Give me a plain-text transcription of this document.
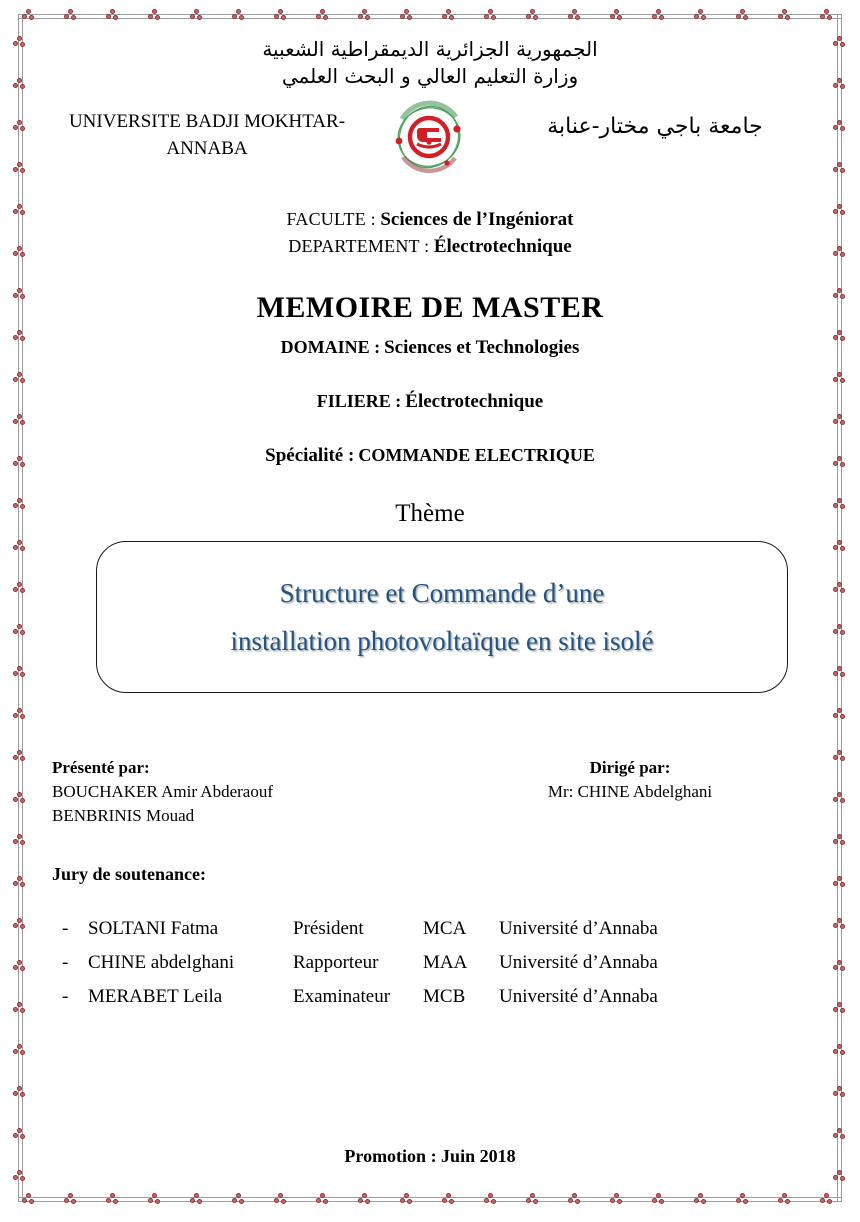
الجمهورية الجزائرية الديمقراطية الشعبية
وزارة التعليم العالي و البحث العلمي
UNIVERSITE BADJI MOKHTAR-ANNABA
جامعة باجي مختار-عنابة
FACULTE : Sciences de l’Ingéniorat
DEPARTEMENT : Électrotechnique
MEMOIRE DE MASTER
DOMAINE : Sciences et Technologies
FILIERE : Électrotechnique
Spécialité : COMMANDE ELECTRIQUE
Thème
Structure et Commande d’une
installation photovoltaïque en site isolé
Présenté par:
BOUCHAKER Amir Abderaouf
BENBRINIS Mouad
Dirigé par:
Mr: CHINE Abdelghani
Jury de soutenance:
-	SOLTANI Fatma	Président	MCA	Université d’Annaba
-	CHINE abdelghani	Rapporteur	MAA	Université d’Annaba
-	MERABET Leila	Examinateur	MCB	Université d’Annaba
Promotion : Juin 2018
